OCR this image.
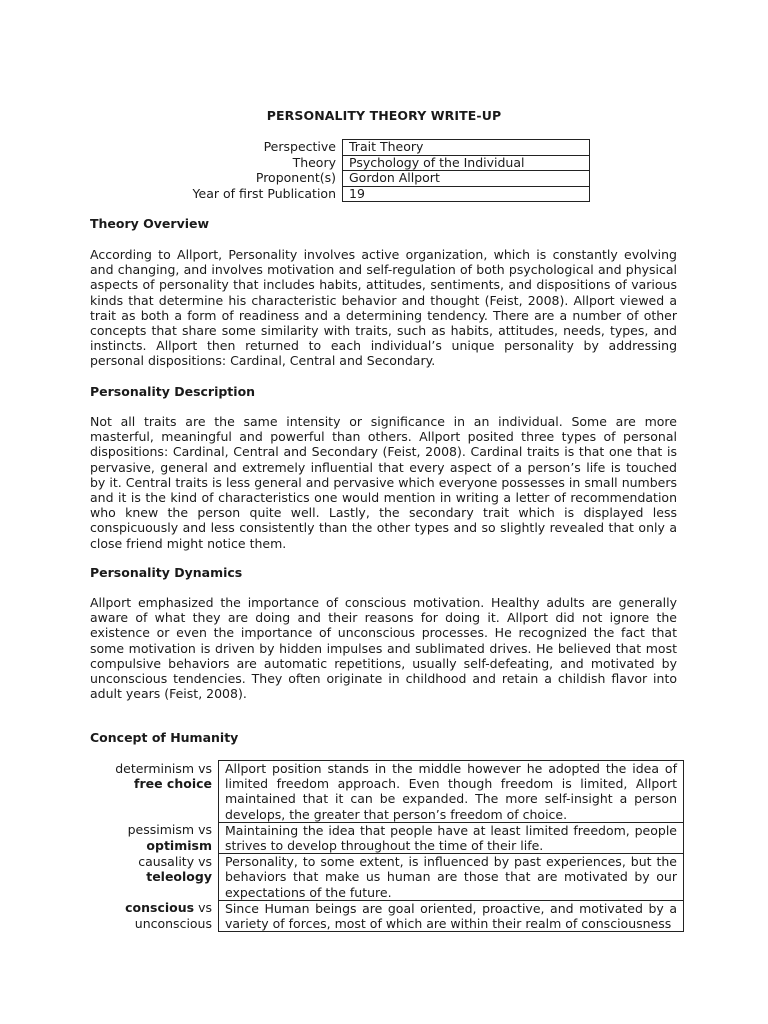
PERSONALITY THEORY WRITE-UP
Perspective	Trait Theory
Theory	Psychology of the Individual
Proponent(s)	Gordon Allport
Year of first Publication	19
Theory Overview

According to Allport, Personality involves active organization, which is constantly evolving and changing, and involves motivation and self-regulation of both psychological and physical aspects of personality that includes habits, attitudes, sentiments, and dispositions of various kinds that determine his characteristic behavior and thought (Feist, 2008). Allport viewed a trait as both a form of readiness and a determining tendency. There are a number of other concepts that share some similarity with traits, such as habits, attitudes, needs, types, and instincts. Allport then returned to each individual’s unique personality by addressing personal dispositions: Cardinal, Central and Secondary.

Personality Description

Not all traits are the same intensity or significance in an individual. Some are more masterful, meaningful and powerful than others. Allport posited three types of personal dispositions: Cardinal, Central and Secondary (Feist, 2008). Cardinal traits is that one that is pervasive, general and extremely influential that every aspect of a person’s life is touched by it. Central traits is less general and pervasive which everyone possesses in small numbers and it is the kind of characteristics one would mention in writing a letter of recommendation who knew the person quite well. Lastly, the secondary trait which is displayed less conspicuously and less consistently than the other types and so slightly revealed that only a close friend might notice them.

Personality Dynamics

Allport emphasized the importance of conscious motivation. Healthy adults are generally aware of what they are doing and their reasons for doing it. Allport did not ignore the existence or even the importance of unconscious processes. He recognized the fact that some motivation is driven by hidden impulses and sublimated drives. He believed that most compulsive behaviors are automatic repetitions, usually self-defeating, and motivated by unconscious tendencies. They often originate in childhood and retain a childish flavor into adult years (Feist, 2008).

Concept of Humanity
determinism vs
free choice	Allport position stands in the middle however he adopted the idea of limited freedom approach. Even though freedom is limited, Allport maintained that it can be expanded. The more self-insight a person develops, the greater that person’s freedom of choice.
pessimism vs
optimism	Maintaining the idea that people have at least limited freedom, people strives to develop throughout the time of their life.
causality vs
teleology	Personality, to some extent, is influenced by past experiences, but the behaviors that make us human are those that are motivated by our expectations of the future.
conscious vs
unconscious	Since Human beings are goal oriented, proactive, and motivated by a variety of forces, most of which are within their realm of consciousness
